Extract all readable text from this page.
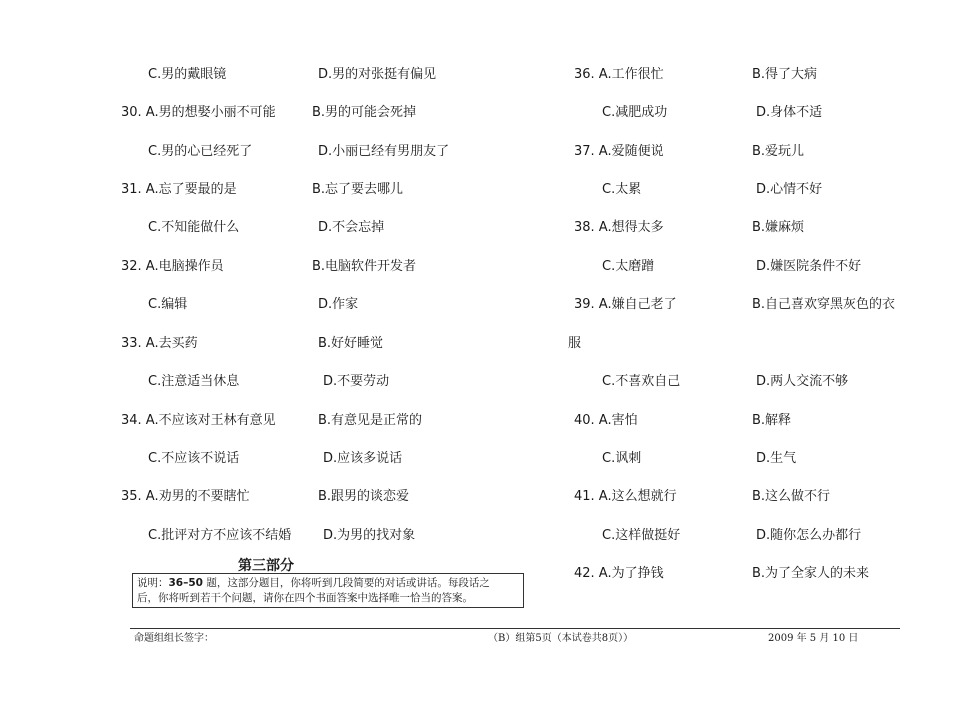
C.男的戴眼镜	D.男的对张挺有偏见
30. A.男的想娶小丽不可能	B.男的可能会死掉
C.男的心已经死了	D.小丽已经有男朋友了
31. A.忘了要最的是	B.忘了要去哪儿
C.不知能做什么	D.不会忘掉
32. A.电脑操作员	B.电脑软件开发者
C.编辑	D.作家
33. A.去买药	B.好好睡觉
C.注意适当休息	D.不要劳动
34. A.不应该对王林有意见	B.有意见是正常的
C.不应该不说话	D.应该多说话
35. A.劝男的不要瞎忙	B.跟男的谈恋爱
C.批评对方不应该不结婚 D.为男的找对象
36. A.工作很忙	B.得了大病
C.减肥成功	D.身体不适
37. A.爱随便说	B.爱玩儿
C.太累	D.心情不好
38. A.想得太多	B.嫌麻烦
C.太磨蹭	D.嫌医院条件不好
39. A.嫌自己老了	B.自己喜欢穿黑灰色的衣
服
C.不喜欢自己	D.两人交流不够
40. A.害怕	B.解释
C.讽刺	D.生气
41. A.这么想就行	B.这么做不行
C.这样做挺好	D.随你怎么办都行
42. A.为了挣钱	B.为了全家人的未来
第三部分
说明：36–50 题，这部分题目，你将听到几段简要的对话或讲话。每段话之
后，你将听到若干个问题，请你在四个书面答案中选择唯一恰当的答案。
命题组组长签字：	（B）组第5页（本试卷共8页））	2009 年 5 月 10 日
